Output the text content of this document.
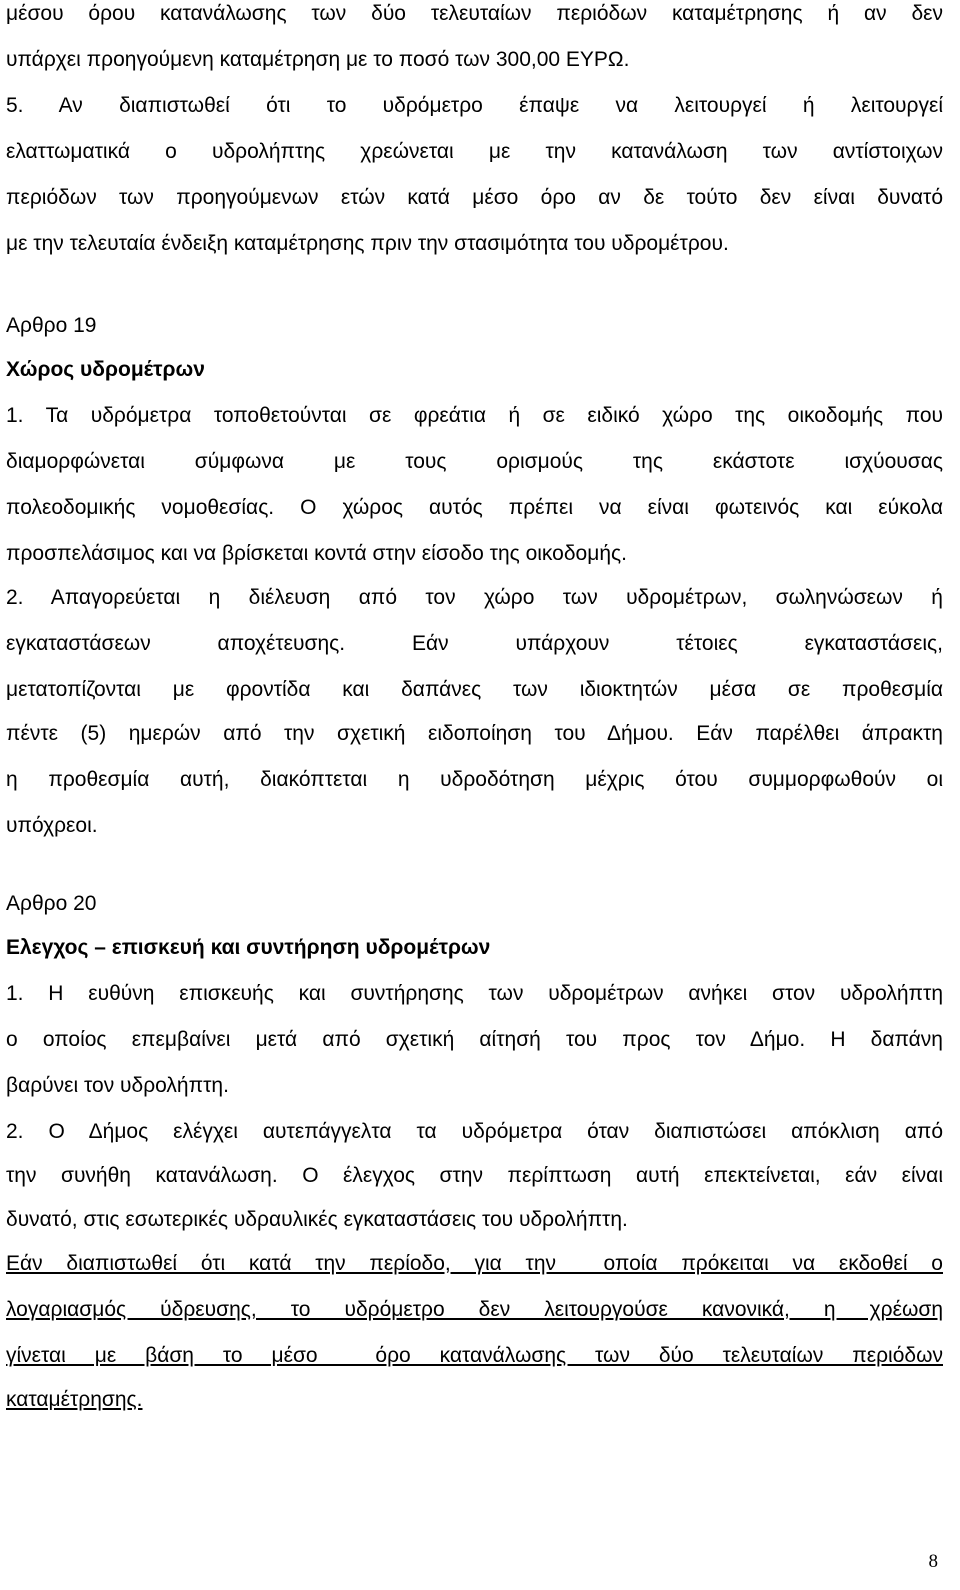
μέσου όρου κατανάλωσης των δύο τελευταίων περιόδων καταμέτρησης ή αν δεν
υπάρχει προηγούμενη καταμέτρηση με το ποσό των 300,00 ΕΥΡΩ.
5. Αν διαπιστωθεί ότι το υδρόμετρο έπαψε να λειτουργεί ή λειτουργεί
ελαττωματικά ο υδρολήπτης χρεώνεται με την κατανάλωση των αντίστοιχων
περιόδων των προηγούμενων ετών κατά μέσο όρο αν δε τούτο δεν είναι δυνατό
με την τελευταία ένδειξη καταμέτρησης πριν την στασιμότητα του υδρομέτρου.
Αρθρο 19
Χώρος υδρομέτρων
1. Τα υδρόμετρα τοποθετούνται σε φρεάτια ή σε ειδικό χώρο της οικοδομής που
διαμορφώνεται σύμφωνα με τους ορισμούς της εκάστοτε ισχύουσας
πολεοδομικής νομοθεσίας. Ο χώρος αυτός πρέπει να είναι φωτεινός και εύκολα
προσπελάσιμος και να βρίσκεται κοντά στην είσοδο της οικοδομής.
2. Απαγορεύεται η διέλευση από τον χώρο των υδρομέτρων, σωληνώσεων ή
εγκαταστάσεων αποχέτευσης. Εάν υπάρχουν τέτοιες εγκαταστάσεις,
μετατοπίζονται με φροντίδα και δαπάνες των ιδιοκτητών μέσα σε προθεσμία
πέντε (5) ημερών από την σχετική ειδοποίηση του Δήμου. Εάν παρέλθει άπρακτη
η προθεσμία αυτή, διακόπτεται η υδροδότηση μέχρις ότου συμμορφωθούν οι
υπόχρεοι.
Αρθρο 20
Ελεγχος – επισκευή και συντήρηση υδρομέτρων
1. Η ευθύνη επισκευής και συντήρησης των υδρομέτρων ανήκει στον υδρολήπτη
ο οποίος επεμβαίνει μετά από σχετική αίτησή του προς τον Δήμο. Η δαπάνη
βαρύνει τον υδρολήπτη.
2. Ο Δήμος ελέγχει αυτεπάγγελτα τα υδρόμετρα όταν διαπιστώσει απόκλιση από
την συνήθη κατανάλωση. Ο έλεγχος στην περίπτωση αυτή επεκτείνεται, εάν είναι
δυνατό, στις εσωτερικές υδραυλικές εγκαταστάσεις του υδρολήπτη.
Εάν διαπιστωθεί ότι κατά την περίοδο, για την  οποία πρόκειται να εκδοθεί ο
λογαριασμός ύδρευσης, το υδρόμετρο δεν λειτουργούσε κανονικά, η χρέωση
γίνεται με βάση το μέσο  όρο κατανάλωσης των δύο τελευταίων περιόδων
καταμέτρησης.
8
